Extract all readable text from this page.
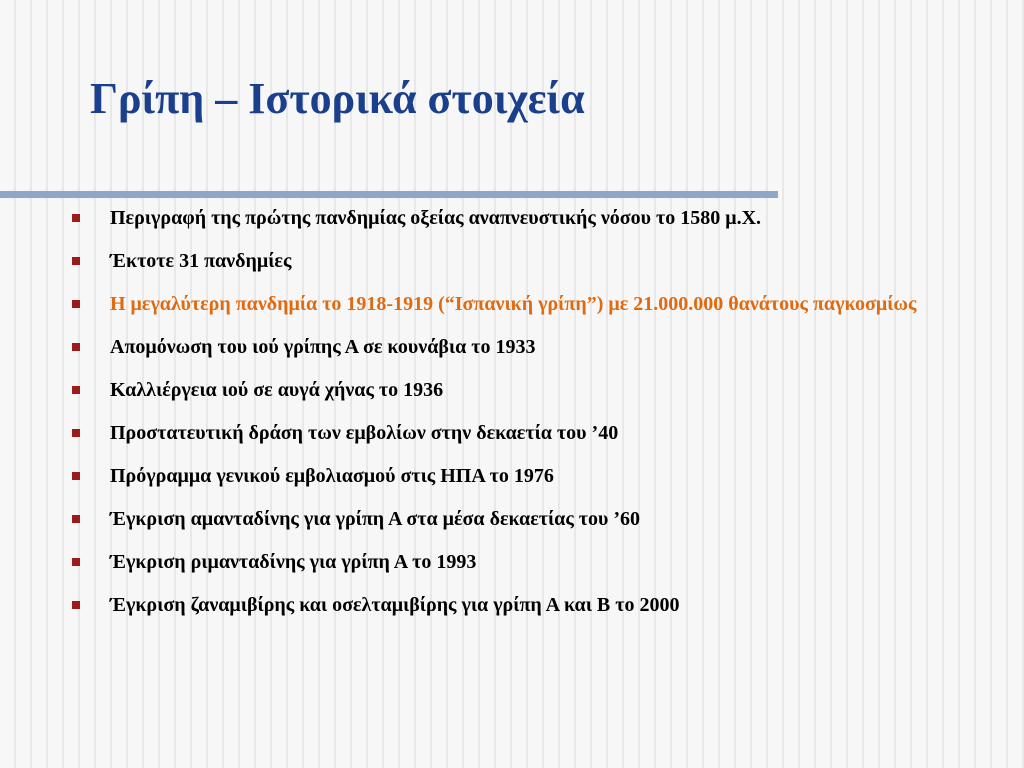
Γρίπη – Ιστορικά στοιχεία
Περιγραφή της πρώτης πανδημίας οξείας αναπνευστικής νόσου το 1580 μ.Χ.
Έκτοτε 31 πανδημίες
Η μεγαλύτερη πανδημία το 1918-1919 (“Ισπανική γρίπη”) με 21.000.000 θανάτους παγκοσμίως
Απομόνωση του ιού γρίπης Α σε κουνάβια το 1933
Καλλιέργεια ιού σε αυγά χήνας το 1936
Προστατευτική δράση των εμβολίων στην δεκαετία του ’40
Πρόγραμμα γενικού εμβολιασμού στις ΗΠΑ το 1976
Έγκριση αμανταδίνης για γρίπη Α στα μέσα δεκαετίας του ’60
Έγκριση ριμανταδίνης για γρίπη Α το 1993
Έγκριση ζαναμιβίρης και οσελταμιβίρης για γρίπη Α και Β το 2000
